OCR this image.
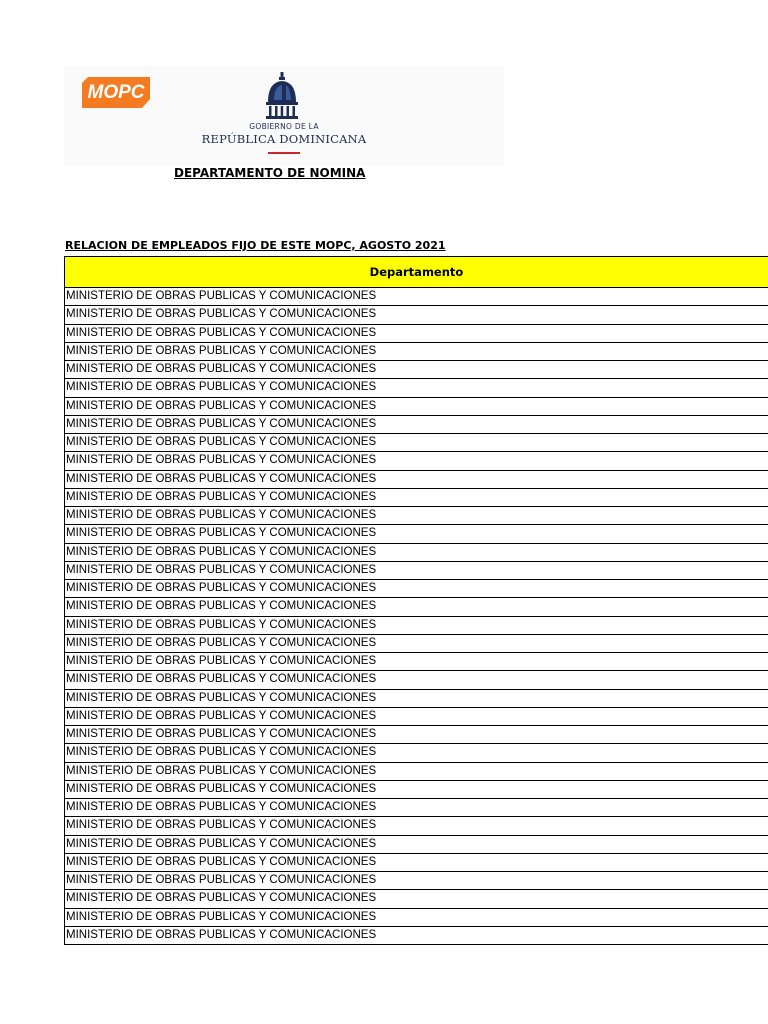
MOPC
GOBIERNO DE LA
REPÚBLICA DOMINICANA
DEPARTAMENTO DE NOMINA
RELACION DE EMPLEADOS FIJO DE ESTE MOPC, AGOSTO 2021
Departamento
MINISTERIO DE OBRAS PUBLICAS Y COMUNICACIONES
MINISTERIO DE OBRAS PUBLICAS Y COMUNICACIONES
MINISTERIO DE OBRAS PUBLICAS Y COMUNICACIONES
MINISTERIO DE OBRAS PUBLICAS Y COMUNICACIONES
MINISTERIO DE OBRAS PUBLICAS Y COMUNICACIONES
MINISTERIO DE OBRAS PUBLICAS Y COMUNICACIONES
MINISTERIO DE OBRAS PUBLICAS Y COMUNICACIONES
MINISTERIO DE OBRAS PUBLICAS Y COMUNICACIONES
MINISTERIO DE OBRAS PUBLICAS Y COMUNICACIONES
MINISTERIO DE OBRAS PUBLICAS Y COMUNICACIONES
MINISTERIO DE OBRAS PUBLICAS Y COMUNICACIONES
MINISTERIO DE OBRAS PUBLICAS Y COMUNICACIONES
MINISTERIO DE OBRAS PUBLICAS Y COMUNICACIONES
MINISTERIO DE OBRAS PUBLICAS Y COMUNICACIONES
MINISTERIO DE OBRAS PUBLICAS Y COMUNICACIONES
MINISTERIO DE OBRAS PUBLICAS Y COMUNICACIONES
MINISTERIO DE OBRAS PUBLICAS Y COMUNICACIONES
MINISTERIO DE OBRAS PUBLICAS Y COMUNICACIONES
MINISTERIO DE OBRAS PUBLICAS Y COMUNICACIONES
MINISTERIO DE OBRAS PUBLICAS Y COMUNICACIONES
MINISTERIO DE OBRAS PUBLICAS Y COMUNICACIONES
MINISTERIO DE OBRAS PUBLICAS Y COMUNICACIONES
MINISTERIO DE OBRAS PUBLICAS Y COMUNICACIONES
MINISTERIO DE OBRAS PUBLICAS Y COMUNICACIONES
MINISTERIO DE OBRAS PUBLICAS Y COMUNICACIONES
MINISTERIO DE OBRAS PUBLICAS Y COMUNICACIONES
MINISTERIO DE OBRAS PUBLICAS Y COMUNICACIONES
MINISTERIO DE OBRAS PUBLICAS Y COMUNICACIONES
MINISTERIO DE OBRAS PUBLICAS Y COMUNICACIONES
MINISTERIO DE OBRAS PUBLICAS Y COMUNICACIONES
MINISTERIO DE OBRAS PUBLICAS Y COMUNICACIONES
MINISTERIO DE OBRAS PUBLICAS Y COMUNICACIONES
MINISTERIO DE OBRAS PUBLICAS Y COMUNICACIONES
MINISTERIO DE OBRAS PUBLICAS Y COMUNICACIONES
MINISTERIO DE OBRAS PUBLICAS Y COMUNICACIONES
MINISTERIO DE OBRAS PUBLICAS Y COMUNICACIONES
